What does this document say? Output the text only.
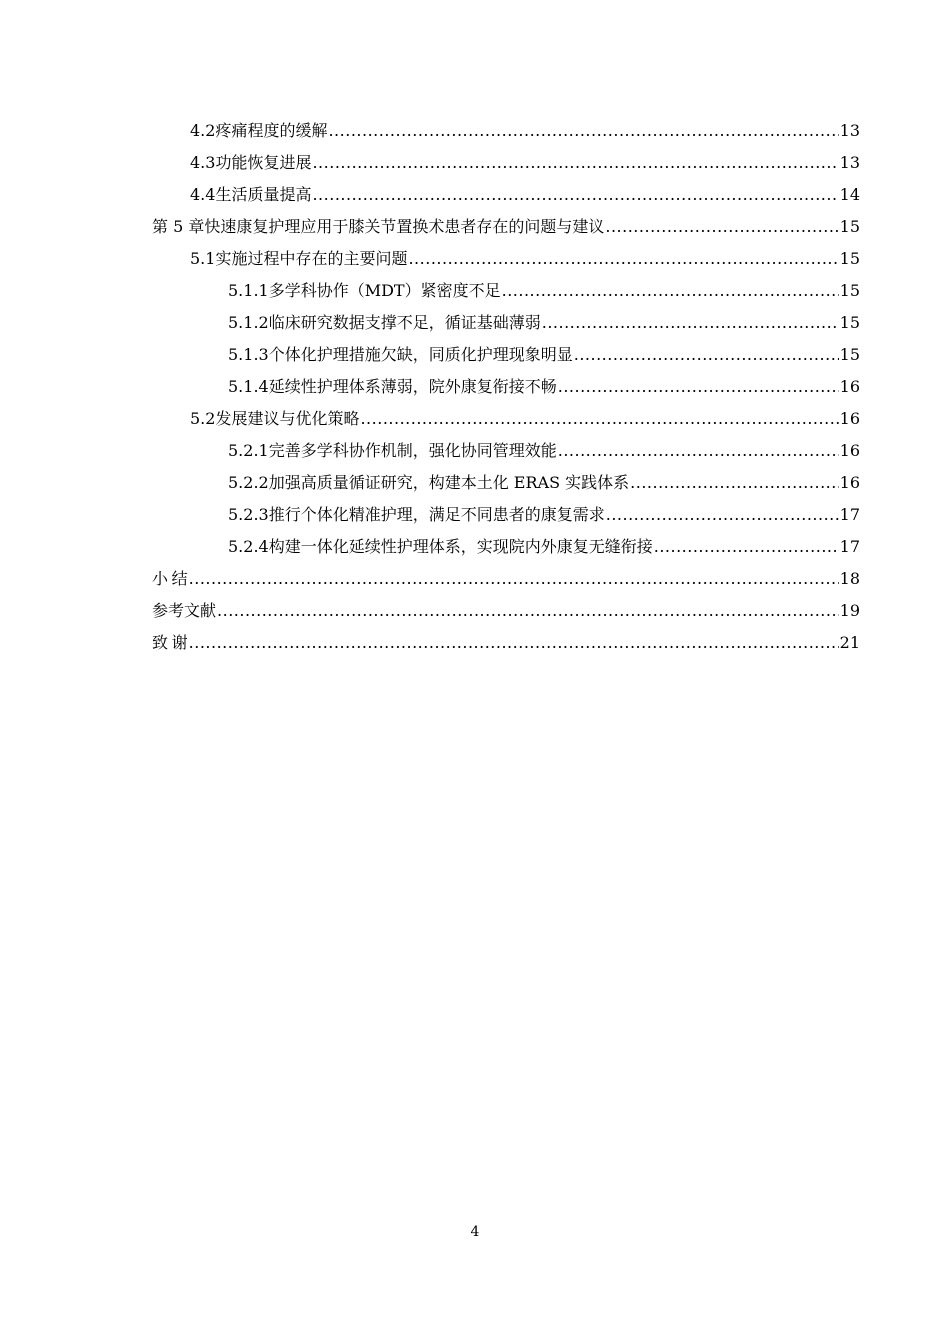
4.2 疼痛程度的缓解 .....	13
4.3 功能恢复进展 .....	13
4.4 生活质量提高 .....	14
第 5 章 快速康复护理应用于膝关节置换术患者存在的问题与建议 .....	15
5.1 实施过程中存在的主要问题 .....	15
5.1.1 多学科协作（MDT）紧密度不足 .....	15
5.1.2 临床研究数据支撑不足，循证基础薄弱 .....	15
5.1.3 个体化护理措施欠缺，同质化护理现象明显 .....	15
5.1.4 延续性护理体系薄弱，院外康复衔接不畅 .....	16
5.2 发展建议与优化策略 .....	16
5.2.1 完善多学科协作机制，强化协同管理效能 .....	16
5.2.2 加强高质量循证研究，构建本土化 ERAS 实践体系 .....	16
5.2.3 推行个体化精准护理，满足不同患者的康复需求 .....	17
5.2.4 构建一体化延续性护理体系，实现院内外康复无缝衔接 .....	17
小 结 .....	18
参考文献 .....	19
致 谢 .....	21
4
